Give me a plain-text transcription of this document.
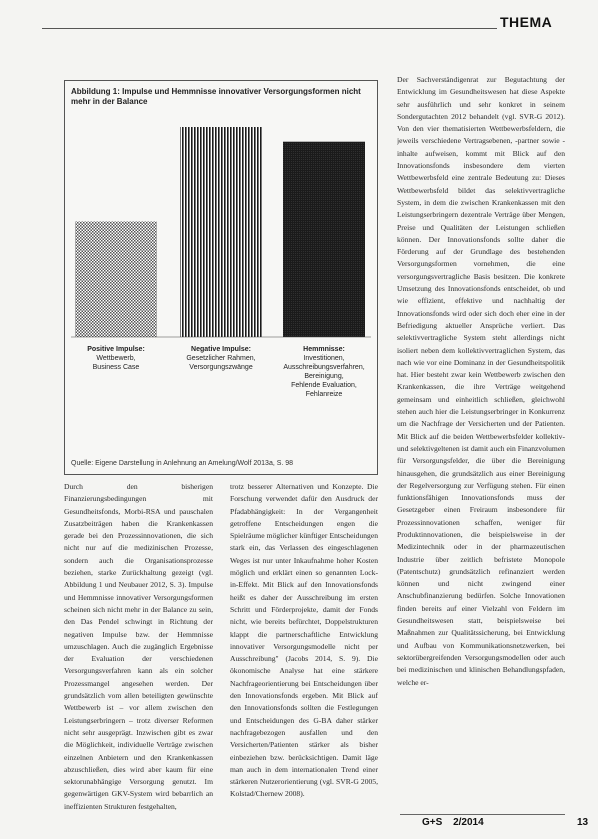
THEMA
Abbildung 1: Impulse und Hemmnisse innovativer Versorgungsformen nicht mehr in der Balance
Positive Impulse:
Wettbewerb,
Business Case
Negative Impulse:
Gesetzlicher Rahmen,
Versorgungszwänge
Hemmnisse:
Investitionen,
Ausschreibungsverfahren,
Bereinigung,
Fehlende Evaluation,
Fehlanreize
Quelle: Eigene Darstellung in Anlehnung an Amelung/Wolf 2013a, S. 98

Durch den bisherigen Finanzierungsbedingungen mit Gesundheitsfonds, Morbi-RSA und pauschalen Zusatzbeiträgen haben die Krankenkassen gerade bei den Prozessinnovationen, die sich nicht nur auf die medizinischen Prozesse, sondern auch die Organisationsprozesse beziehen, starke Zurückhaltung gezeigt (vgl. Abbildung 1 und Neubauer 2012, S. 3). Impulse und Hemmnisse innovativer Versorgungsformen scheinen sich nicht mehr in der Balance zu sein, den Das Pendel schwingt in Richtung der negativen Impulse bzw. der Hemmnisse umzuschlagen. Auch die zugänglich Ergebnisse der Evaluation der verschiedenen Versorgungsverfahren kann als ein solcher Prozessmangel angesehen werden. Der grundsätzlich vom allen beteiligten gewünschte Wettbewerb ist – vor allem zwischen den Leistungserbringern – trotz diverser Reformen nicht sehr ausgeprägt. Inzwischen gibt es zwar die Möglichkeit, individuelle Verträge zwischen einzelnen Anbietern und den Krankenkassen abzuschließen, dies wird aber kaum für eine sektorunabhängige Versorgung genutzt. Im gegenwärtigen GKV-System wird bebarrlich an ineffizienten Strukturen festgehalten,

trotz besserer Alternativen und Konzepte. Die Forschung verwendet dafür den Ausdruck der Pfadabhängigkeit: In der Vergangenheit getroffene Entscheidungen engen die Spielräume möglicher künftiger Entscheidungen stark ein, das Verlassen des eingeschlagenen Weges ist nur unter Inkaufnahme hoher Kosten möglich und erklärt einen so genannten Lock-in-Effekt. Mit Blick auf den Innovationsfonds heißt es daher der Ausschreibung im ersten Schritt und Förderprojekte, damit der Fonds nicht, wie bereits befürchtet, Doppelstrukturen klappt die partnerschaftliche Entwicklung innovativer Versorgungsmodelle nicht per Ausschreibung" (Jacobs 2014, S. 9). Die ökonomische Analyse hat eine stärkere Nachfrageorientierung bei Entscheidungen über den Innovationsfonds ergeben. Mit Blick auf den Innovationsfonds sollten die Festlegungen und Entscheidungen des G-BA daher stärker nachfragebezogen ausfallen und den Versicherten/Patienten stärker als bisher einbeziehen bzw. berücksichtigen. Damit läge man auch in dem internationalen Trend einer stärkeren Nutzerorientierung (vgl. SVR-G 2005, Kolstad/Chernew 2008).

Der Sachverständigenrat zur Begutachtung der Entwicklung im Gesundheitswesen hat diese Aspekte sehr ausführlich und sehr konkret in seinem Sondergutachten 2012 behandelt (vgl. SVR-G 2012). Von den vier thematisierten Wettbewerbsfeldern, die jeweils verschiedene Vertragsebenen, -partner sowie -inhalte aufweisen, kommt mit Blick auf den Innovationsfonds insbesondere dem vierten Wettbewerbsfeld eine zentrale Bedeutung zu: Dieses Wettbewerbsfeld bildet das selektivvertragliche System, in dem die zwischen Krankenkassen mit den Leistungserbringern dezentrale Verträge über Mengen, Preise und Qualitäten der Leistungen schließen können. Der Innovationsfonds sollte daher die Förderung auf der Grundlage des bestehenden Versorgungsformen vornehmen, die eine versorgungsvertragliche Basis besitzen. Die konkrete Umsetzung des Innovationsfonds entscheidet, ob und wie effizient, effektive und nachhaltig der Innovationsfonds wird oder sich doch eher eine in der Befriedigung aktueller Ansprüche verliert. Das selektivvertragliche System steht allerdings nicht isoliert neben dem kollektivvertraglichen System, das nach wie vor eine Dominanz in der Gesundheitspolitik hat. Hier besteht zwar kein Wettbewerb zwischen den Krankenkassen, die ihre Verträge weitgehend gemeinsam und einheitlich schließen, gleichwohl stehen auch hier die Leistungserbringer in Konkurrenz um die Nachfrage der Versicherten und der Patienten. Mit Blick auf die beiden Wettbewerbsfelder kollektiv- und selektivgeltenen ist damit auch ein Finanzvolumen für Versorgungsfelder, die über die Bereinigung hinausgehen, die grundsätzlich aus einer Bereinigung der Regelversorgung zur Verfügung stehen. Für einen funktionsfähigen Innovationsfonds muss der Gesetzgeber einen Freiraum insbesondere für Prozessinnovationen schaffen, weniger für Produktinnovationen, die beispielsweise in der Medizintechnik oder in der pharmazeutischen Industrie über zeitlich befristete Monopole (Patentschutz) grundsätzlich refinanziert werden können und nicht zwingend einer Anschubfinanzierung bedürfen. Solche Innovationen finden bereits auf einer Vielzahl von Feldern im Gesundheitswesen statt, beispielsweise bei Maßnahmen zur Qualitätssicherung, bei Entwicklung und Aufbau von Kommunikationsnetzwerken, bei sektorübergreifenden Versorgungsmodellen oder auch bei medizinischen und klinischen Behandlungspfaden, welche er-

G+S 2/2014	13
